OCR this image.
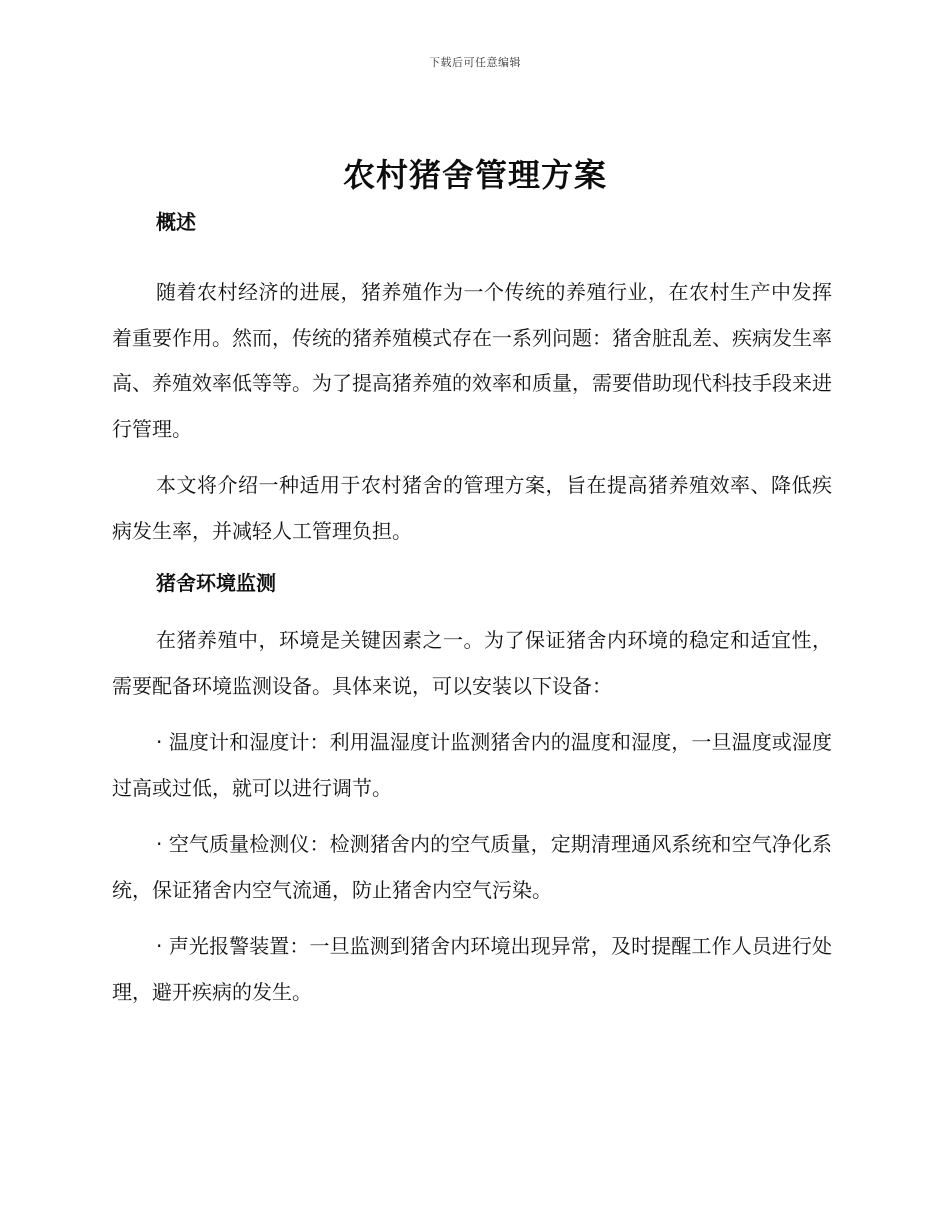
下载后可任意编辑
农村猪舍管理方案
概述

随着农村经济的进展，猪养殖作为一个传统的养殖行业，在农村生产中发挥着重要作用。然而，传统的猪养殖模式存在一系列问题：猪舍脏乱差、疾病发生率高、养殖效率低等等。为了提高猪养殖的效率和质量，需要借助现代科技手段来进行管理。

本文将介绍一种适用于农村猪舍的管理方案，旨在提高猪养殖效率、降低疾病发生率，并减轻人工管理负担。

猪舍环境监测

在猪养殖中，环境是关键因素之一。为了保证猪舍内环境的稳定和适宜性，需要配备环境监测设备。具体来说，可以安装以下设备：

· 温度计和湿度计：利用温湿度计监测猪舍内的温度和湿度，一旦温度或湿度过高或过低，就可以进行调节。

· 空气质量检测仪：检测猪舍内的空气质量，定期清理通风系统和空气净化系统，保证猪舍内空气流通，防止猪舍内空气污染。

· 声光报警装置：一旦监测到猪舍内环境出现异常，及时提醒工作人员进行处理，避开疾病的发生。
